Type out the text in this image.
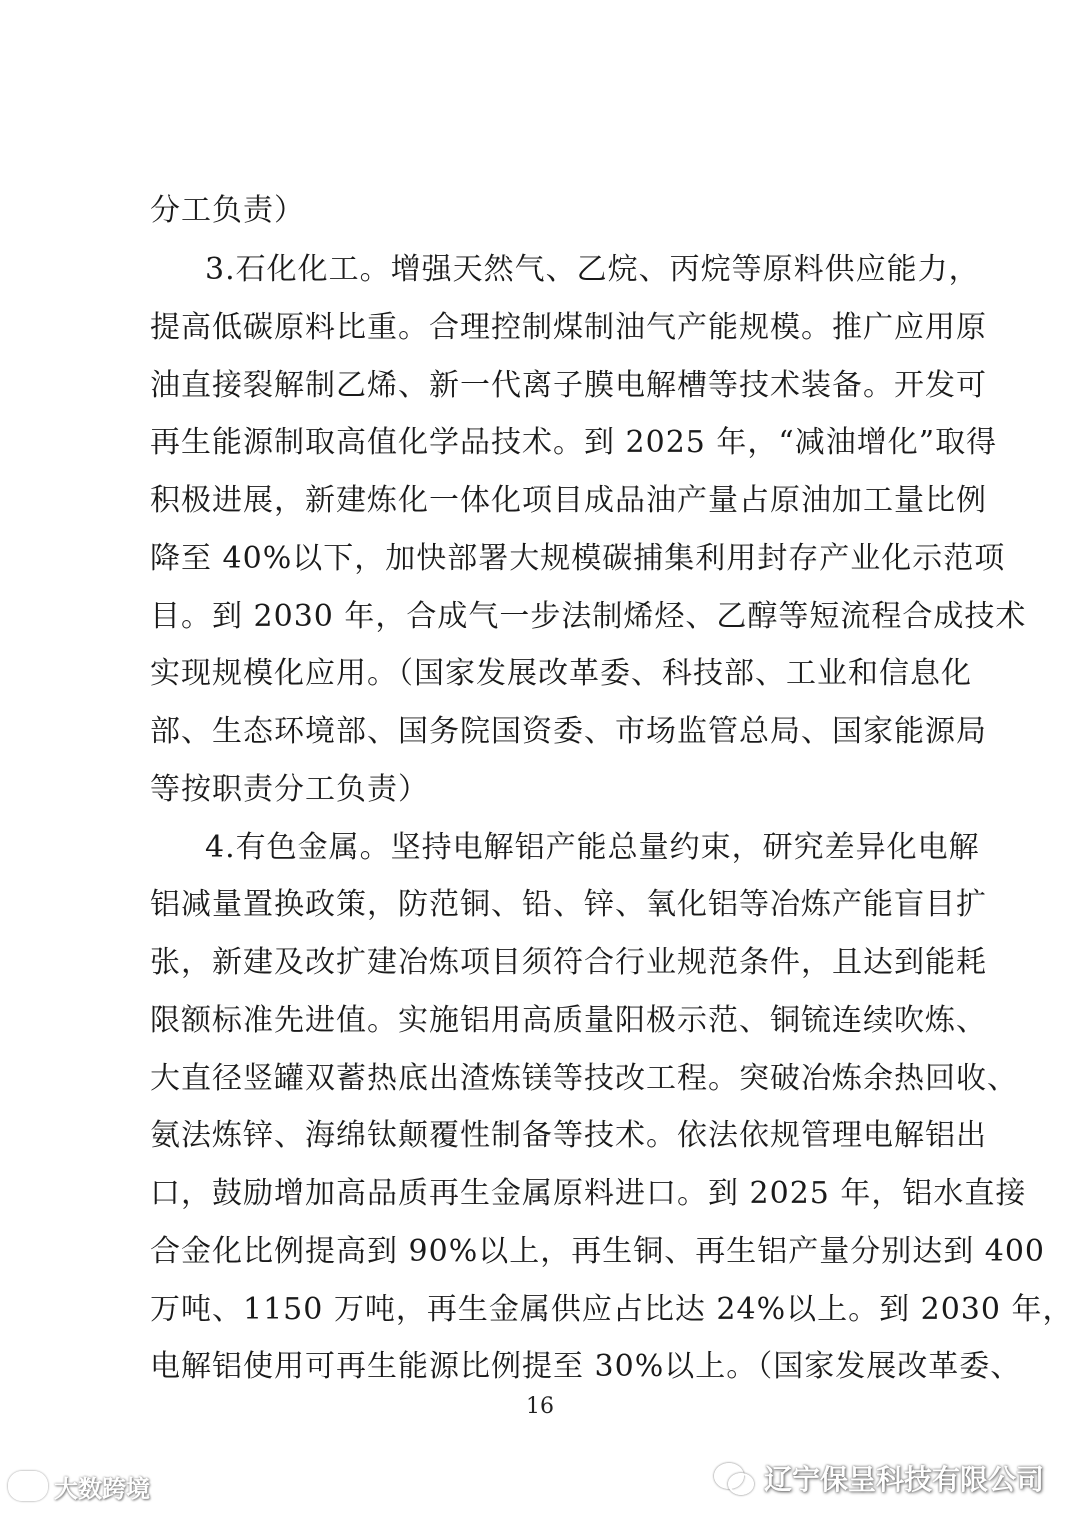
分工负责）
3.石化化工。增强天然气、乙烷、丙烷等原料供应能力，
提高低碳原料比重。合理控制煤制油气产能规模。推广应用原
油直接裂解制乙烯、新一代离子膜电解槽等技术装备。开发可
再生能源制取高值化学品技术。到 2025 年，“减油增化”取得
积极进展，新建炼化一体化项目成品油产量占原油加工量比例
降至 40%以下，加快部署大规模碳捕集利用封存产业化示范项
目。到 2030 年，合成气一步法制烯烃、乙醇等短流程合成技术
实现规模化应用。（国家发展改革委、科技部、工业和信息化
部、生态环境部、国务院国资委、市场监管总局、国家能源局
等按职责分工负责）
4.有色金属。坚持电解铝产能总量约束，研究差异化电解
铝减量置换政策，防范铜、铅、锌、氧化铝等冶炼产能盲目扩
张，新建及改扩建冶炼项目须符合行业规范条件，且达到能耗
限额标准先进值。实施铝用高质量阳极示范、铜锍连续吹炼、
大直径竖罐双蓄热底出渣炼镁等技改工程。突破冶炼余热回收、
氨法炼锌、海绵钛颠覆性制备等技术。依法依规管理电解铝出
口，鼓励增加高品质再生金属原料进口。到 2025 年，铝水直接
合金化比例提高到 90%以上，再生铜、再生铝产量分别达到 400
万吨、1150 万吨，再生金属供应占比达 24%以上。到 2030 年，
电解铝使用可再生能源比例提至 30%以上。（国家发展改革委、
16
大数跨境	辽宁保呈科技有限公司
